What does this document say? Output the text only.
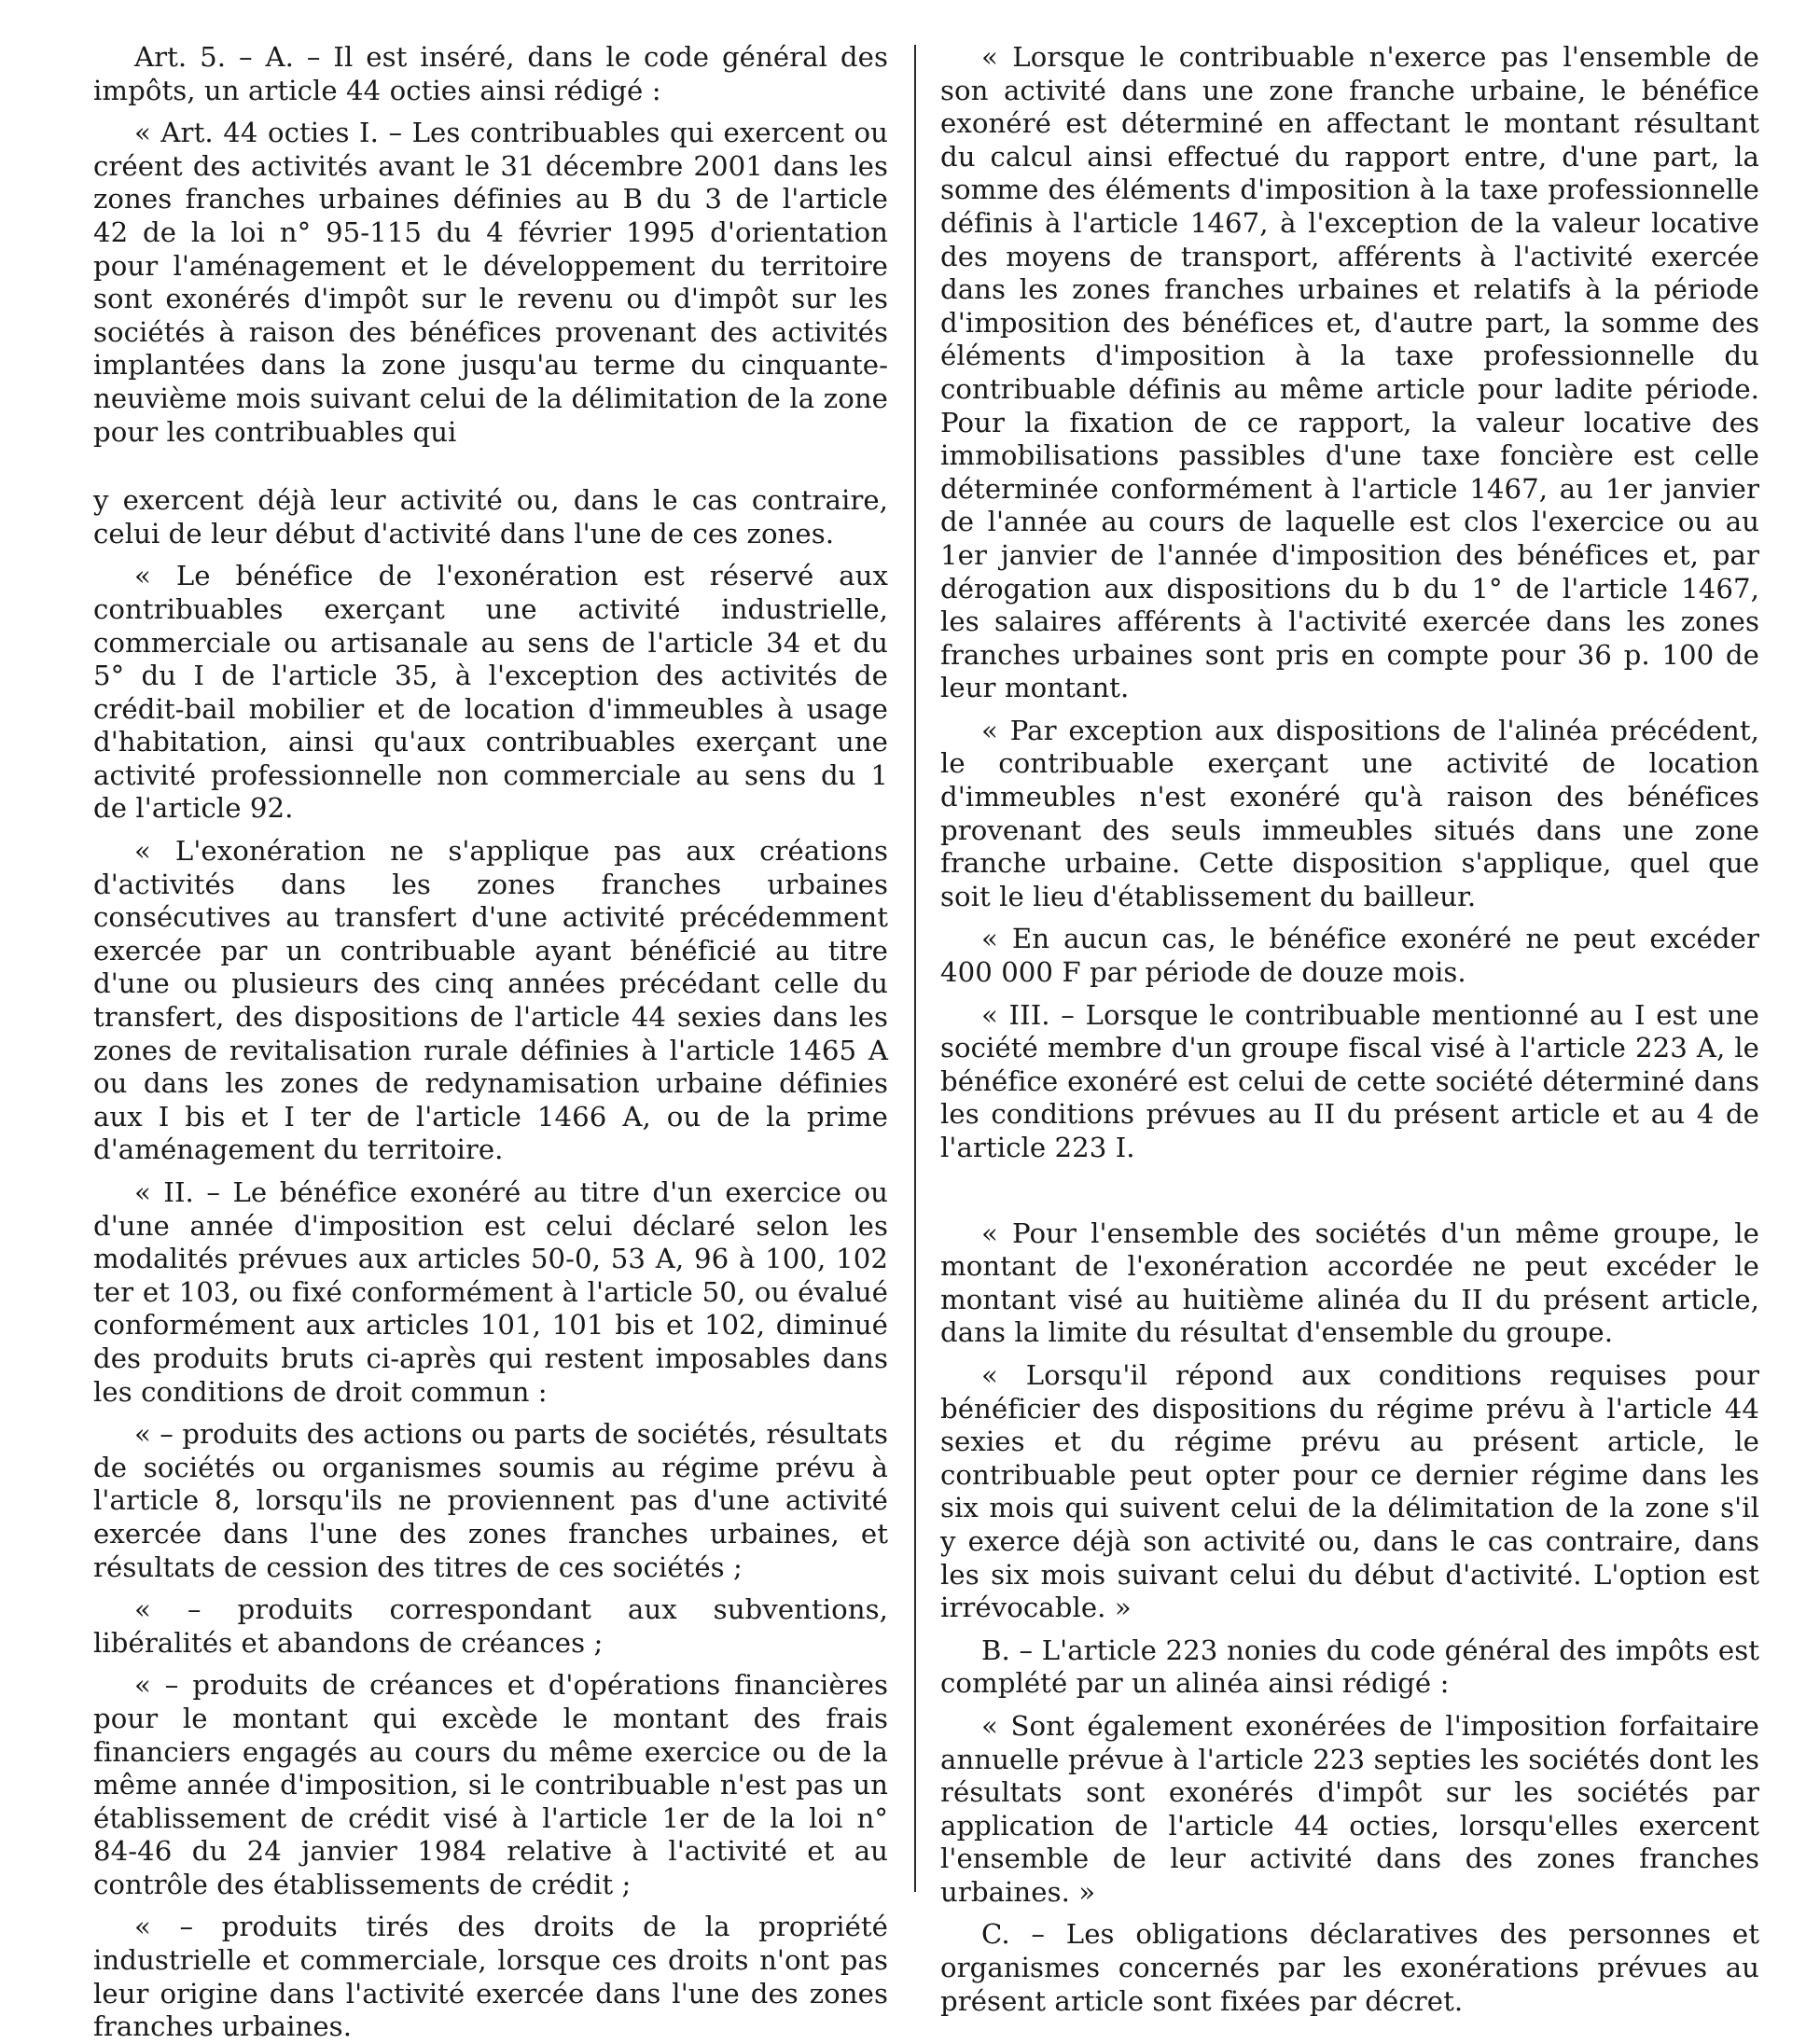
Art. 5. – A. – Il est inséré, dans le code général des impôts, un article 44 octies ainsi rédigé :

« Art. 44 octies I. – Les contribuables qui exercent ou créent des activités avant le 31 décembre 2001 dans les zones franches urbaines définies au B du 3 de l'article 42 de la loi n° 95-115 du 4 février 1995 d'orientation pour l'aménagement et le développement du territoire sont exonérés d'impôt sur le revenu ou d'impôt sur les sociétés à raison des bénéfices provenant des activités implantées dans la zone jusqu'au terme du cinquante-neuvième mois suivant celui de la délimitation de la zone pour les contribuables qui

y exercent déjà leur activité ou, dans le cas contraire, celui de leur début d'activité dans l'une de ces zones.

« Le bénéfice de l'exonération est réservé aux contribuables exerçant une activité industrielle, commerciale ou artisanale au sens de l'article 34 et du 5° du I de l'article 35, à l'exception des activités de crédit-bail mobilier et de location d'immeubles à usage d'habitation, ainsi qu'aux contribuables exerçant une activité professionnelle non commerciale au sens du 1 de l'article 92.

« L'exonération ne s'applique pas aux créations d'activités dans les zones franches urbaines consécutives au transfert d'une activité précédemment exercée par un contribuable ayant bénéficié au titre d'une ou plusieurs des cinq années précédant celle du transfert, des dispositions de l'article 44 sexies dans les zones de revitalisation rurale définies à l'article 1465 A ou dans les zones de redynamisation urbaine définies aux I bis et I ter de l'article 1466 A, ou de la prime d'aménagement du territoire.

« II. – Le bénéfice exonéré au titre d'un exercice ou d'une année d'imposition est celui déclaré selon les modalités prévues aux articles 50-0, 53 A, 96 à 100, 102 ter et 103, ou fixé conformément à l'article 50, ou évalué conformément aux articles 101, 101 bis et 102, diminué des produits bruts ci-après qui restent imposables dans les conditions de droit commun :

« – produits des actions ou parts de sociétés, résultats de sociétés ou organismes soumis au régime prévu à l'article 8, lorsqu'ils ne proviennent pas d'une activité exercée dans l'une des zones franches urbaines, et résultats de cession des titres de ces sociétés ;

« – produits correspondant aux subventions, libéralités et abandons de créances ;

« – produits de créances et d'opérations financières pour le montant qui excède le montant des frais financiers engagés au cours du même exercice ou de la même année d'imposition, si le contribuable n'est pas un établissement de crédit visé à l'article 1er de la loi n° 84-46 du 24 janvier 1984 relative à l'activité et au contrôle des établissements de crédit ;

« – produits tirés des droits de la propriété industrielle et commerciale, lorsque ces droits n'ont pas leur origine dans l'activité exercée dans l'une des zones franches urbaines.

« Lorsque le contribuable n'exerce pas l'ensemble de son activité dans une zone franche urbaine, le bénéfice exonéré est déterminé en affectant le montant résultant du calcul ainsi effectué du rapport entre, d'une part, la somme des éléments d'imposition à la taxe professionnelle définis à l'article 1467, à l'exception de la valeur locative des moyens de transport, afférents à l'activité exercée dans les zones franches urbaines et relatifs à la période d'imposition des bénéfices et, d'autre part, la somme des éléments d'imposition à la taxe professionnelle du contribuable définis au même article pour ladite période. Pour la fixation de ce rapport, la valeur locative des immobilisations passibles d'une taxe foncière est celle déterminée conformément à l'article 1467, au 1er janvier de l'année au cours de laquelle est clos l'exercice ou au 1er janvier de l'année d'imposition des bénéfices et, par dérogation aux dispositions du b du 1° de l'article 1467, les salaires afférents à l'activité exercée dans les zones franches urbaines sont pris en compte pour 36 p. 100 de leur montant.

« Par exception aux dispositions de l'alinéa précédent, le contribuable exerçant une activité de location d'immeubles n'est exonéré qu'à raison des bénéfices provenant des seuls immeubles situés dans une zone franche urbaine. Cette disposition s'applique, quel que soit le lieu d'établissement du bailleur.

« En aucun cas, le bénéfice exonéré ne peut excéder 400 000 F par période de douze mois.

« III. – Lorsque le contribuable mentionné au I est une société membre d'un groupe fiscal visé à l'article 223 A, le bénéfice exonéré est celui de cette société déterminé dans les conditions prévues au II du présent article et au 4 de l'article 223 I.

« Pour l'ensemble des sociétés d'un même groupe, le montant de l'exonération accordée ne peut excéder le montant visé au huitième alinéa du II du présent article, dans la limite du résultat d'ensemble du groupe.

« Lorsqu'il répond aux conditions requises pour bénéficier des dispositions du régime prévu à l'article 44 sexies et du régime prévu au présent article, le contribuable peut opter pour ce dernier régime dans les six mois qui suivent celui de la délimitation de la zone s'il y exerce déjà son activité ou, dans le cas contraire, dans les six mois suivant celui du début d'activité. L'option est irrévocable. »

B. – L'article 223 nonies du code général des impôts est complété par un alinéa ainsi rédigé :

« Sont également exonérées de l'imposition forfaitaire annuelle prévue à l'article 223 septies les sociétés dont les résultats sont exonérés d'impôt sur les sociétés par application de l'article 44 octies, lorsqu'elles exercent l'ensemble de leur activité dans des zones franches urbaines. »

C. – Les obligations déclaratives des personnes et organismes concernés par les exonérations prévues au présent article sont fixées par décret.
